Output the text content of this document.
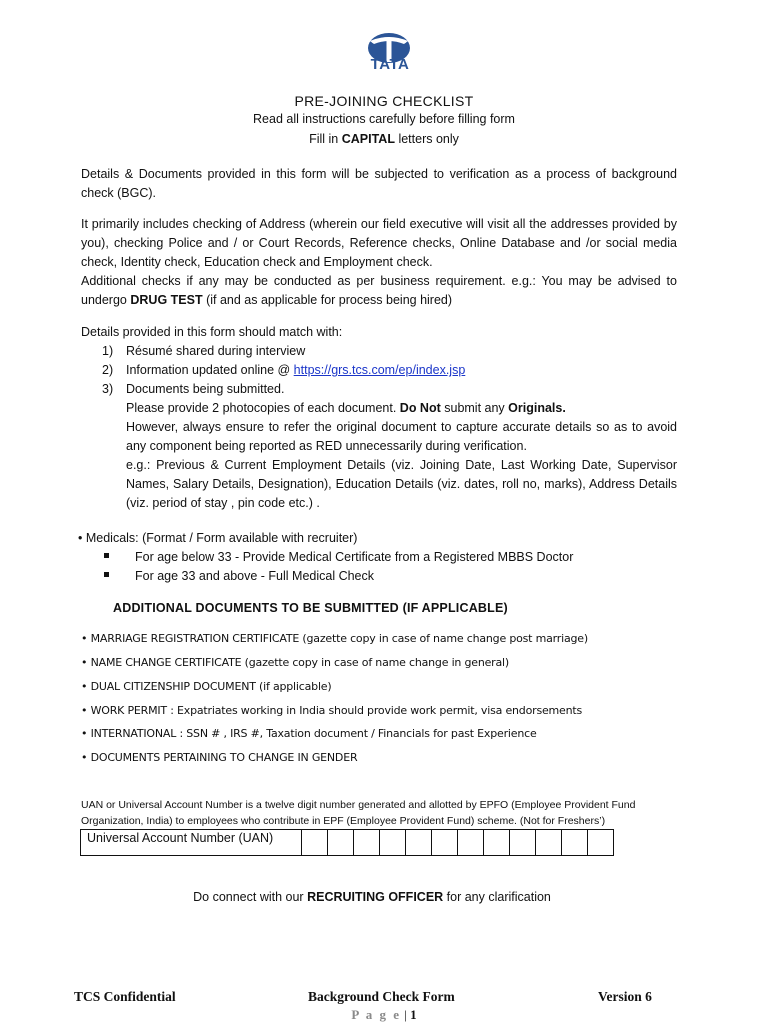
TATA
PRE-JOINING CHECKLIST
Read all instructions carefully before filling form
Fill in CAPITAL letters only
Details & Documents provided in this form will be subjected to verification as a process of background check (BGC).
It primarily includes checking of Address (wherein our field executive will visit all the addresses provided by you), checking Police and / or Court Records, Reference checks, Online Database and /or social media check, Identity check, Education check and Employment check.
Additional checks if any may be conducted as per business requirement. e.g.: You may be advised to undergo DRUG TEST (if and as applicable for process being hired)
Details provided in this form should match with:
1) Résumé shared during interview
2) Information updated online @ https://grs.tcs.com/ep/index.jsp
3) Documents being submitted.
Please provide 2 photocopies of each document. Do Not submit any Originals.
However, always ensure to refer the original document to capture accurate details so as to avoid any component being reported as RED unnecessarily during verification.
e.g.: Previous & Current Employment Details (viz. Joining Date, Last Working Date, Supervisor Names, Salary Details, Designation), Education Details (viz. dates, roll no, marks), Address Details (viz. period of stay , pin code etc.) .
• Medicals: (Format / Form available with recruiter)
For age below 33 - Provide Medical Certificate from a Registered MBBS Doctor
For age 33 and above - Full Medical Check
ADDITIONAL DOCUMENTS TO BE SUBMITTED (IF APPLICABLE)
• MARRIAGE REGISTRATION CERTIFICATE (gazette copy in case of name change post marriage)
• NAME CHANGE CERTIFICATE (gazette copy in case of name change in general)
• DUAL CITIZENSHIP DOCUMENT (if applicable)
• WORK PERMIT : Expatriates working in India should provide work permit, visa endorsements
• INTERNATIONAL : SSN # , IRS #, Taxation document / Financials for past Experience
• DOCUMENTS PERTAINING TO CHANGE IN GENDER
UAN or Universal Account Number is a twelve digit number generated and allotted by EPFO (Employee Provident Fund Organization, India) to employees who contribute in EPF (Employee Provident Fund) scheme. (Not for Freshers’)
Universal Account Number (UAN)												
Do connect with our RECRUITING OFFICER for any clarification
TCS Confidential	Background Check Form	Version 6
P a g e | 1
